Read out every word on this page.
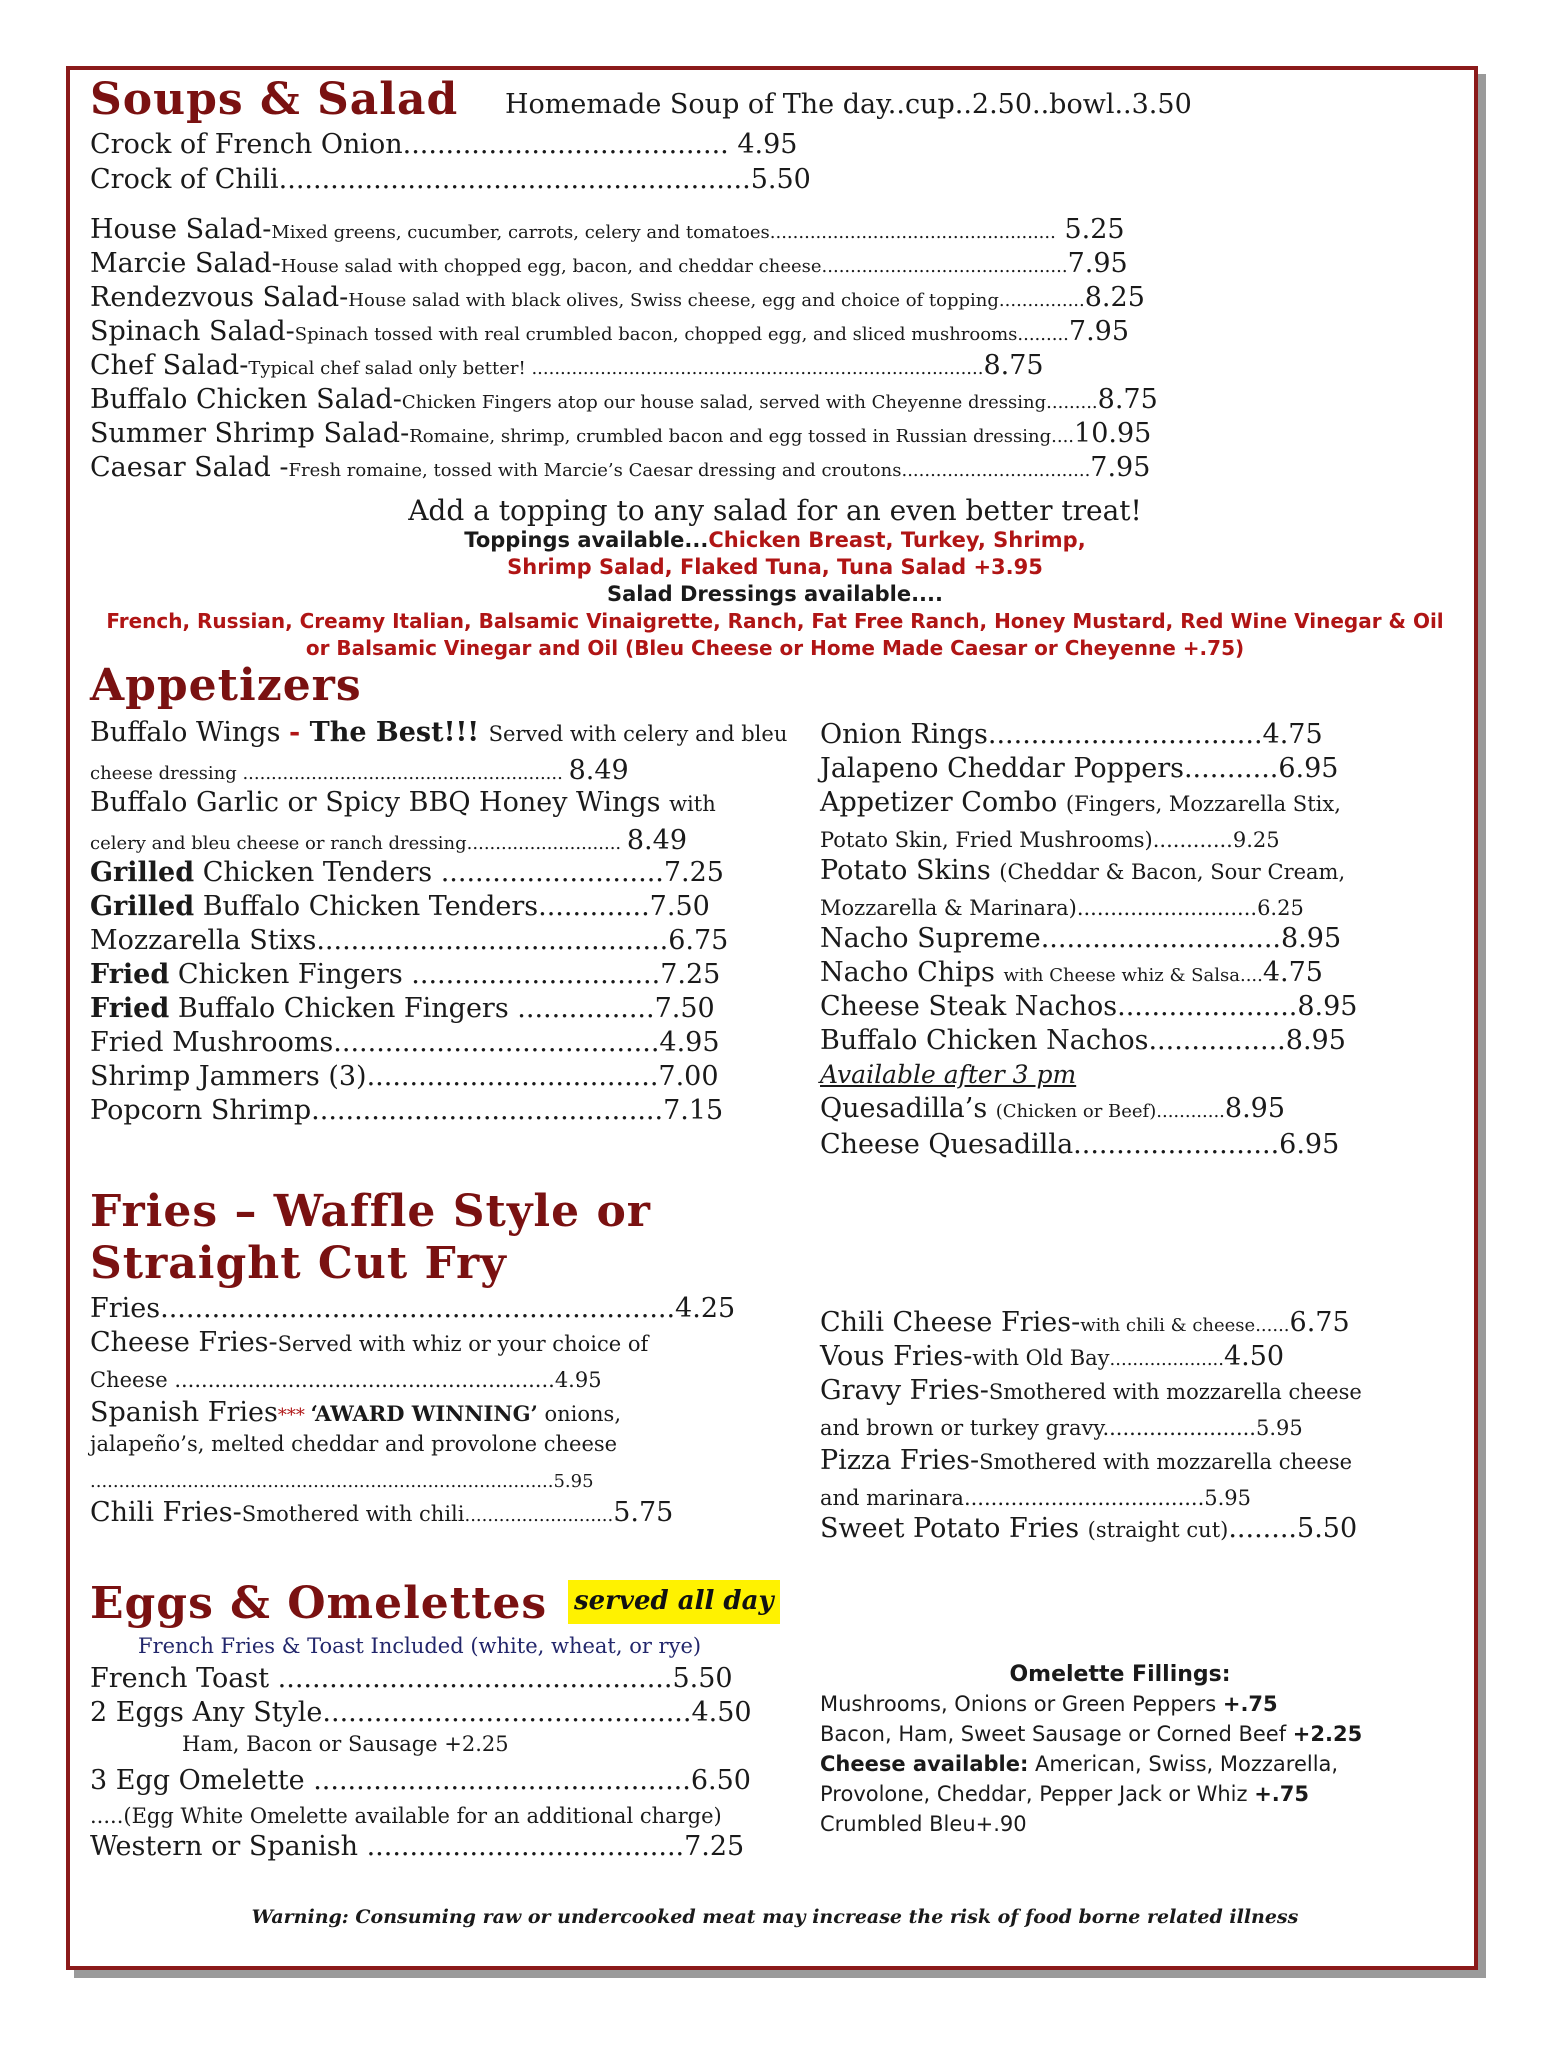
Soups & Salad Homemade Soup of The day..cup..2.50..bowl..3.50
Crock of French Onion...................................... 4.95
Crock of Chili.......................................................5.50
House Salad-Mixed greens, cucumber, carrots, celery and tomatoes.................................................. 5.25
Marcie Salad-House salad with chopped egg, bacon, and cheddar cheese...........................................7.95
Rendezvous Salad-House salad with black olives, Swiss cheese, egg and choice of topping...............8.25
Spinach Salad-Spinach tossed with real crumbled bacon, chopped egg, and sliced mushrooms.........7.95
Chef Salad-Typical chef salad only better! ...............................................................................8.75
Buffalo Chicken Salad-Chicken Fingers atop our house salad, served with Cheyenne dressing.........8.75
Summer Shrimp Salad-Romaine, shrimp, crumbled bacon and egg tossed in Russian dressing....10.95
Caesar Salad -Fresh romaine, tossed with Marcie’s Caesar dressing and croutons.................................7.95
Add a topping to any salad for an even better treat!
Toppings available...Chicken Breast, Turkey, Shrimp,
Shrimp Salad, Flaked Tuna, Tuna Salad +3.95
Salad Dressings available....
French, Russian, Creamy Italian, Balsamic Vinaigrette, Ranch, Fat Free Ranch, Honey Mustard, Red Wine Vinegar & Oil
or Balsamic Vinegar and Oil (Bleu Cheese or Home Made Caesar or Cheyenne +.75)
Appetizers
Buffalo Wings - The Best!!! Served with celery and bleu
cheese dressing ........................................................ 8.49
Buffalo Garlic or Spicy BBQ Honey Wings with
celery and bleu cheese or ranch dressing........................... 8.49
Grilled Chicken Tenders ..........................7.25
Grilled Buffalo Chicken Tenders.............7.50
Mozzarella Stixs.........................................6.75
Fried Chicken Fingers .............................7.25
Fried Buffalo Chicken Fingers ................7.50
Fried Mushrooms......................................4.95
Shrimp Jammers (3)..................................7.00
Popcorn Shrimp.........................................7.15
Onion Rings................................4.75
Jalapeno Cheddar Poppers...........6.95
Appetizer Combo (Fingers, Mozzarella Stix,
Potato Skin, Fried Mushrooms)............9.25
Potato Skins (Cheddar & Bacon, Sour Cream,
Mozzarella & Marinara)...........................6.25
Nacho Supreme............................8.95
Nacho Chips with Cheese whiz & Salsa....4.75
Cheese Steak Nachos.....................8.95
Buffalo Chicken Nachos................8.95
Available after 3 pm
Quesadilla’s (Chicken or Beef)............8.95
Cheese Quesadilla........................6.95
Fries – Waffle Style or
Straight Cut Fry
Fries............................................................4.25
Cheese Fries-Served with whiz or your choice of
Cheese .........................................................4.95
Spanish Fries*** ‘AWARD WINNING’ onions,
jalapeño’s, melted cheddar and provolone cheese
.................................................................................5.95
Chili Fries-Smothered with chili..........................5.75
Chili Cheese Fries-with chili & cheese......6.75
Vous Fries-with Old Bay....................4.50
Gravy Fries-Smothered with mozzarella cheese
and brown or turkey gravy.......................5.95
Pizza Fries-Smothered with mozzarella cheese
and marinara....................................5.95
Sweet Potato Fries (straight cut)........5.50
Eggs & Omelettes served all day
French Fries & Toast Included (white, wheat, or rye)
French Toast ..............................................5.50
2 Eggs Any Style...........................................4.50
Ham, Bacon or Sausage +2.25
3 Egg Omelette ............................................6.50
.....(Egg White Omelette available for an additional charge)
Western or Spanish .....................................7.25
Omelette Fillings:
Mushrooms, Onions or Green Peppers +.75
Bacon, Ham, Sweet Sausage or Corned Beef +2.25
Cheese available: American, Swiss, Mozzarella,
Provolone, Cheddar, Pepper Jack or Whiz +.75
Crumbled Bleu+.90
Warning: Consuming raw or undercooked meat may increase the risk of food borne related illness
